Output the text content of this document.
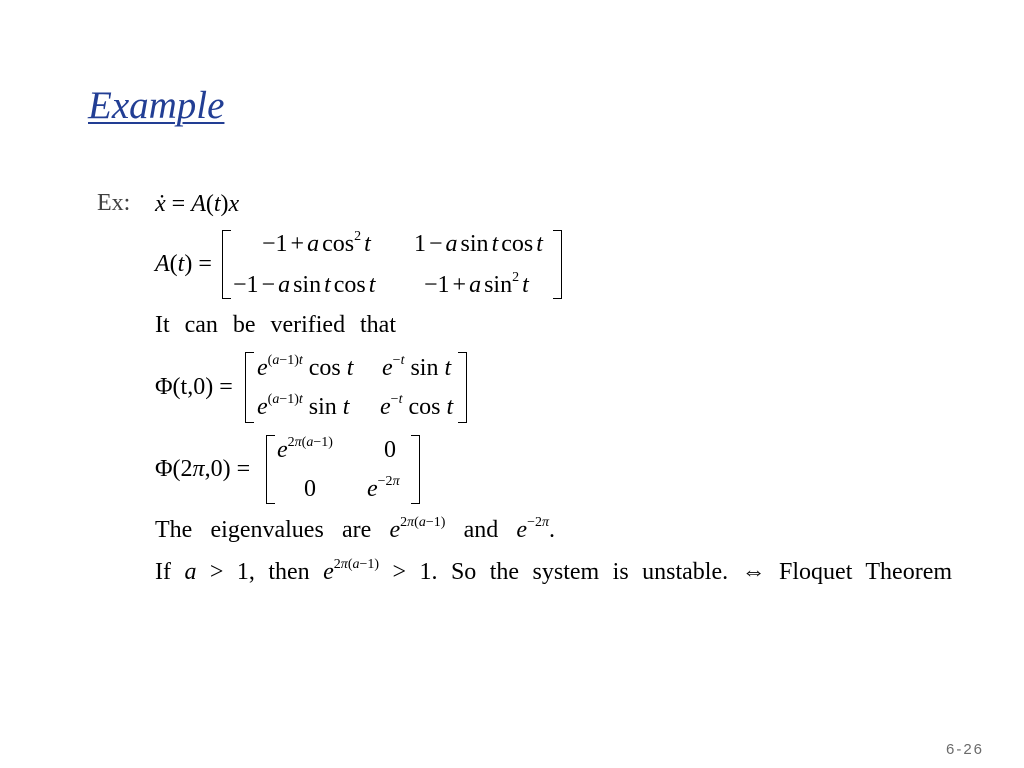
Example
Ex: ẋ = A(t)x
A(t) =
−1 + a $\cos^2 t$ 1 − a sin t cos t
−1 − a sin t cos t −1 + a $\sin^2 t$
It can be verified that
Φ(t,0) =
$e^{(a-1)t}$ cos t $e^{-t}$ sin t
$e^{(a-1)t}$ sin t $e^{-t}$ cos t
Φ(2π,0) =
$e^{2\pi(a-1)}$ 0
0 $e^{-2\pi}$
The eigenvalues are $e^{2\pi(a-1)}$ and $e^{-2\pi}$.
If a > 1, then $e^{2\pi(a-1)} > 1$. So the system is unstable. ⇔ Floquet Theorem
6-26
